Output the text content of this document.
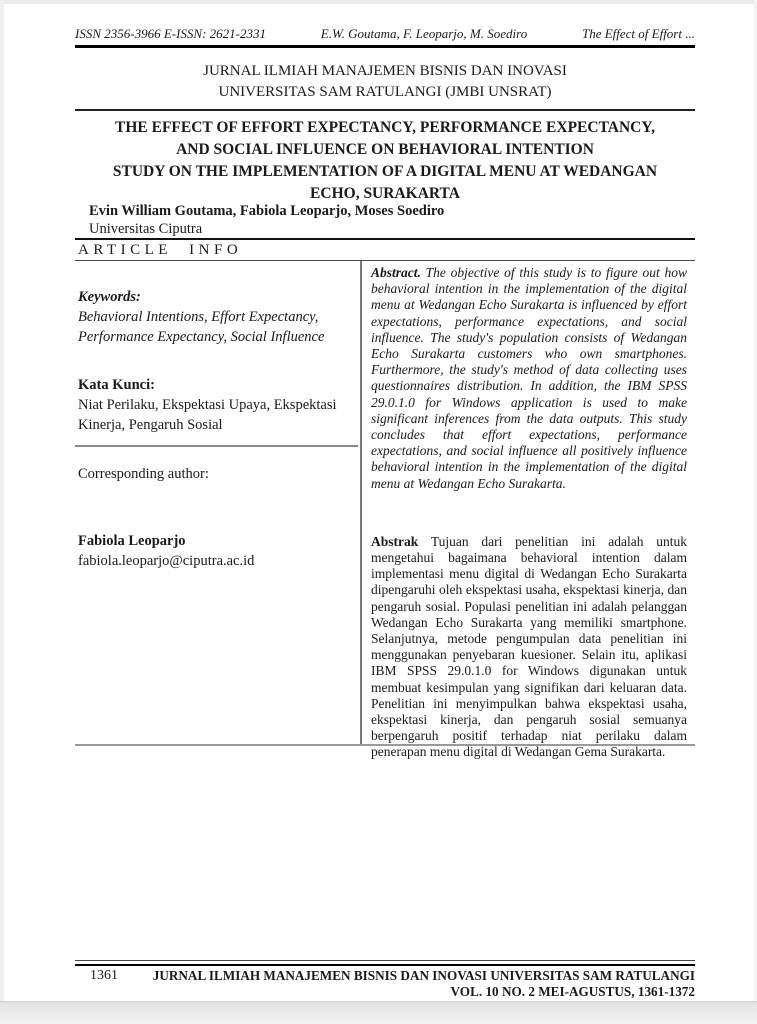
ISSN 2356-3966 E-ISSN: 2621-2331	E.W. Goutama, F. Leoparjo, M. Soediro	The Effect of Effort ...
JURNAL ILMIAH MANAJEMEN BISNIS DAN INOVASI
UNIVERSITAS SAM RATULANGI (JMBI UNSRAT)
THE EFFECT OF EFFORT EXPECTANCY, PERFORMANCE EXPECTANCY,
AND SOCIAL INFLUENCE ON BEHAVIORAL INTENTION
STUDY ON THE IMPLEMENTATION OF A DIGITAL MENU AT WEDANGAN
ECHO, SURAKARTA
Evin William Goutama, Fabiola Leoparjo, Moses Soediro
Universitas Ciputra
ARTICLE INFO
Keywords:
Behavioral Intentions, Effort Expectancy, Performance Expectancy, Social Influence
Kata Kunci:
Niat Perilaku, Ekspektasi Upaya, Ekspektasi Kinerja, Pengaruh Sosial
Corresponding author:
Fabiola Leoparjo
fabiola.leoparjo@ciputra.ac.id

Abstract. The objective of this study is to figure out how behavioral intention in the implementation of the digital menu at Wedangan Echo Surakarta is influenced by effort expectations, performance expectations, and social influence. The study's population consists of Wedangan Echo Surakarta customers who own smartphones. Furthermore, the study's method of data collecting uses questionnaires distribution. In addition, the IBM SPSS 29.0.1.0 for Windows application is used to make significant inferences from the data outputs. This study concludes that effort expectations, performance expectations, and social influence all positively influence behavioral intention in the implementation of the digital menu at Wedangan Echo Surakarta.

Abstrak Tujuan dari penelitian ini adalah untuk mengetahui bagaimana behavioral intention dalam implementasi menu digital di Wedangan Echo Surakarta dipengaruhi oleh ekspektasi usaha, ekspektasi kinerja, dan pengaruh sosial. Populasi penelitian ini adalah pelanggan Wedangan Echo Surakarta yang memiliki smartphone. Selanjutnya, metode pengumpulan data penelitian ini menggunakan penyebaran kuesioner. Selain itu, aplikasi IBM SPSS 29.0.1.0 for Windows digunakan untuk membuat kesimpulan yang signifikan dari keluaran data. Penelitian ini menyimpulkan bahwa ekspektasi usaha, ekspektasi kinerja, dan pengaruh sosial semuanya berpengaruh positif terhadap niat perilaku dalam penerapan menu digital di Wedangan Gema Surakarta.

1361	JURNAL ILMIAH MANAJEMEN BISNIS DAN INOVASI UNIVERSITAS SAM RATULANGI
VOL. 10 NO. 2 MEI-AGUSTUS, 1361-1372
